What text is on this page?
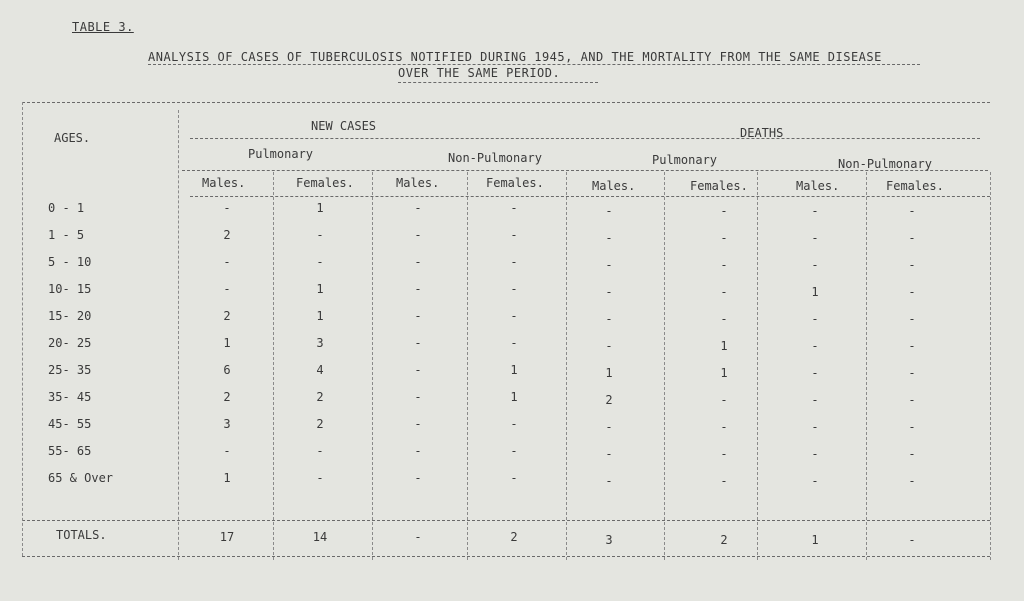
TABLE 3.
ANALYSIS OF CASES OF TUBERCULOSIS NOTIFIED DURING 1945, AND THE MORTALITY FROM THE SAME DISEASE
OVER THE SAME PERIOD.
AGES.
NEW CASES	DEATHS
Pulmonary	Non-Pulmonary	Pulmonary	Non-Pulmonary
Males.	Females.	Males.	Females.	Males.	Females.	Males.	Females.
0 - 1	-	1	-	-	-	-	-	-
1 - 5	2	-	-	-	-	-	-	-
5 - 10	-	-	-	-	-	-	-	-
10- 15	-	1	-	-	-	-	1	-
15- 20	2	1	-	-	-	-	-	-
20- 25	1	3	-	-	-	1	-	-
25- 35	6	4	-	1	1	1	-	-
35- 45	2	2	-	1	2	-	-	-
45- 55	3	2	-	-	-	-	-	-
55- 65	-	-	-	-	-	-	-	-
65 & Over	1	-	-	-	-	-	-	-
TOTALS.	17	14	-	2	3	2	1	-
